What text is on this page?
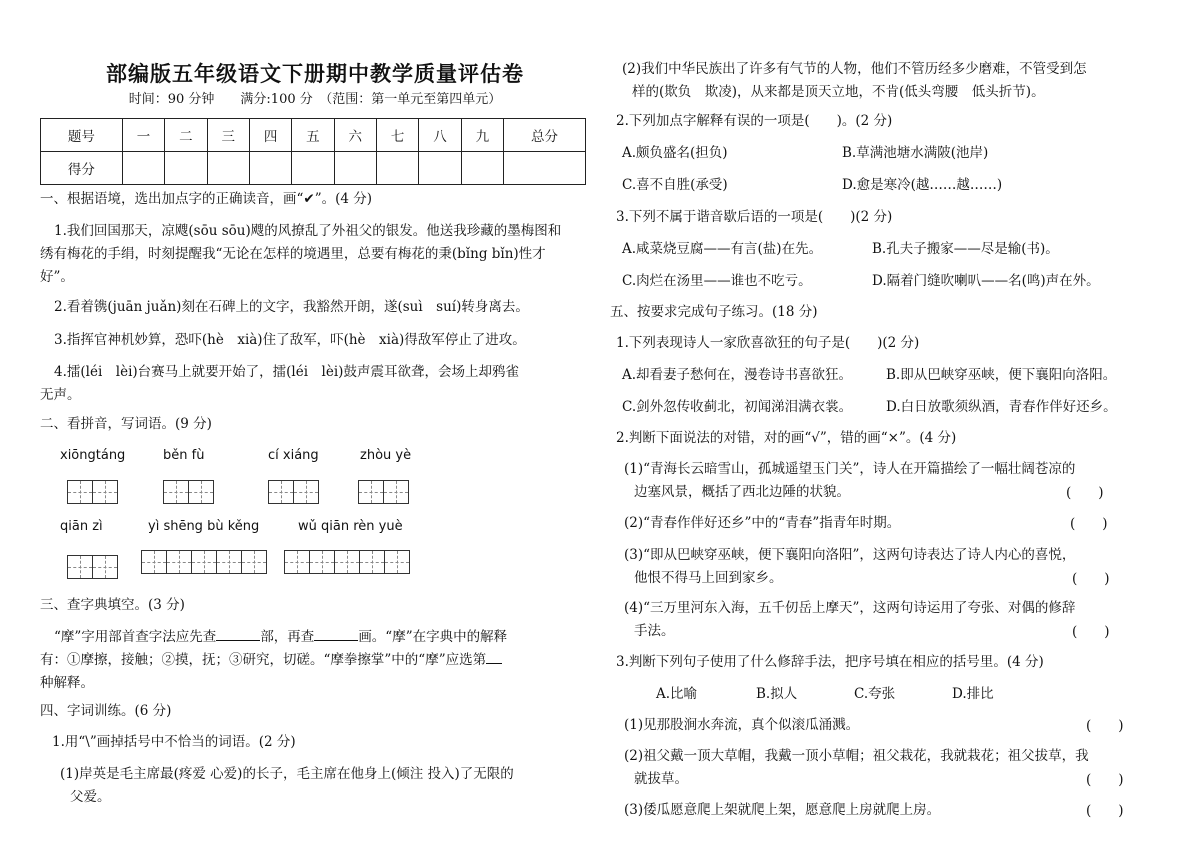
部编版五年级语文下册期中教学质量评估卷
时间：90 分钟　　满分:100 分　（范围：第一单元至第四单元）
题号	一	二	三	四	五	六	七	八	九	总分
得分										
一、根据语境，选出加点字的正确读音，画“✔”。(4 分)
1.我们回国那天，凉飕(sōu sōu)飕的风撩乱了外祖父的银发。他送我珍藏的墨梅图和
绣有梅花的手绢，时刻提醒我“无论在怎样的境遇里，总要有梅花的秉(bǐng bǐn)性才
好”。
2.看着镌(juān juǎn)刻在石碑上的文字，我豁然开朗，遂(suì　suí)转身离去。
3.指挥官神机妙算，恐吓(hè　xià)住了敌军，吓(hè　xià)得敌军停止了进攻。
4.擂(léi　lèi)台赛马上就要开始了，擂(léi　lèi)鼓声震耳欲聋，会场上却鸦雀
无声。
二、看拼音，写词语。(9 分)
xiōngtáng	běn fù	cí xiáng	zhòu yè
qiān zì	yì shēng bù kěng	wǔ qiān rèn yuè
三、查字典填空。(3 分)
“摩”字用部首查字法应先查	部，再查	画。“摩”在字典中的解释
有：①摩擦，接触；②摸，抚；③研究，切磋。“摩拳擦掌”中的“摩”应选第
种解释。
四、字词训练。(6 分)
1.用“\”画掉括号中不恰当的词语。(2 分)
(1)岸英是毛主席最(疼爱 心爱)的长子，毛主席在他身上(倾注 投入)了无限的
父爱。
(2)我们中华民族出了许多有气节的人物，他们不管历经多少磨难，不管受到怎
样的(欺负　欺凌)，从来都是顶天立地，不肯(低头弯腰　低头折节)。
2.下列加点字解释有误的一项是(　　)。(2 分)
A.颇负盛名(担负)	B.草满池塘水满陂(池岸)
C.喜不自胜(承受)	D.愈是寒冷(越……越……)
3.下列不属于谐音歇后语的一项是(　　)(2 分)
A.咸菜烧豆腐——有言(盐)在先。	B.孔夫子搬家——尽是输(书)。
C.肉烂在汤里——谁也不吃亏。	D.隔着门缝吹喇叭——名(鸣)声在外。
五、按要求完成句子练习。(18 分)
1.下列表现诗人一家欣喜欲狂的句子是(　　)(2 分)
A.却看妻子愁何在，漫卷诗书喜欲狂。	B.即从巴峡穿巫峡，便下襄阳向洛阳。
C.剑外忽传收蓟北，初闻涕泪满衣裳。	D.白日放歌须纵酒，青春作伴好还乡。
2.判断下面说法的对错，对的画“√”，错的画“×”。(4 分)
(1)“青海长云暗雪山，孤城遥望玉门关”，诗人在开篇描绘了一幅壮阔苍凉的
边塞风景，概括了西北边陲的状貌。	(　　)
(2)“青春作伴好还乡”中的“青春”指青年时期。	(　　)
(3)“即从巴峡穿巫峡，便下襄阳向洛阳”，这两句诗表达了诗人内心的喜悦，
他恨不得马上回到家乡。	(　　)
(4)“三万里河东入海，五千仞岳上摩天”，这两句诗运用了夸张、对偶的修辞
手法。	(　　)
3.判断下列句子使用了什么修辞手法，把序号填在相应的括号里。(4 分)
A.比喻	B.拟人	C.夸张	D.排比
(1)见那股涧水奔流，真个似滚瓜涌溅。	(　　)
(2)祖父戴一顶大草帽，我戴一顶小草帽；祖父栽花，我就栽花；祖父拔草，我
就拔草。	(　　)
(3)倭瓜愿意爬上架就爬上架，愿意爬上房就爬上房。	(　　)
